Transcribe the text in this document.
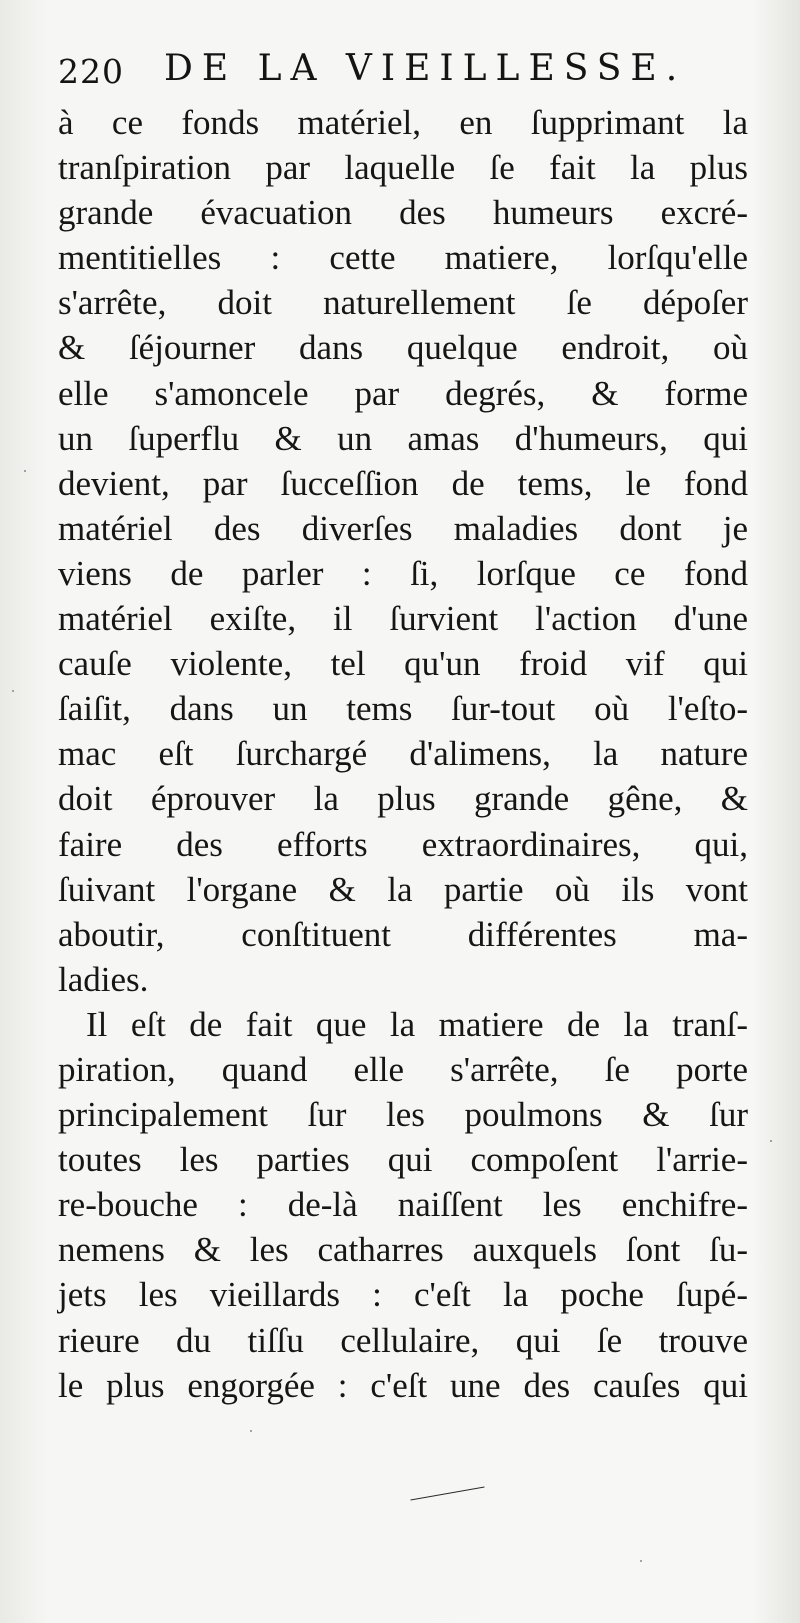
220 DE LA VIEILLESSE.
à ce fonds matériel, en ſupprimant la
tranſpiration par laquelle ſe fait la plus
grande évacuation des humeurs excré-
mentitielles : cette matiere, lorſqu'elle
s'arrête, doit naturellement ſe dépoſer
& ſéjourner dans quelque endroit, où
elle s'amoncele par degrés, & forme
un ſuperflu & un amas d'humeurs, qui
devient, par ſucceſſion de tems, le fond
matériel des diverſes maladies dont je
viens de parler : ſi, lorſque ce fond
matériel exiſte, il ſurvient l'action d'une
cauſe violente, tel qu'un froid vif qui
ſaiſit, dans un tems ſur-tout où l'eſto-
mac eſt ſurchargé d'alimens, la nature
doit éprouver la plus grande gêne, &
faire des efforts extraordinaires, qui,
ſuivant l'organe & la partie où ils vont
aboutir, conſtituent différentes ma-
ladies.
Il eſt de fait que la matiere de la tranſ-
piration, quand elle s'arrête, ſe porte
principalement ſur les poulmons & ſur
toutes les parties qui compoſent l'arrie-
re-bouche : de-là naiſſent les enchifre-
nemens & les catharres auxquels ſont ſu-
jets les vieillards : c'eſt la poche ſupé-
rieure du tiſſu cellulaire, qui ſe trouve
le plus engorgée : c'eſt une des cauſes qui
